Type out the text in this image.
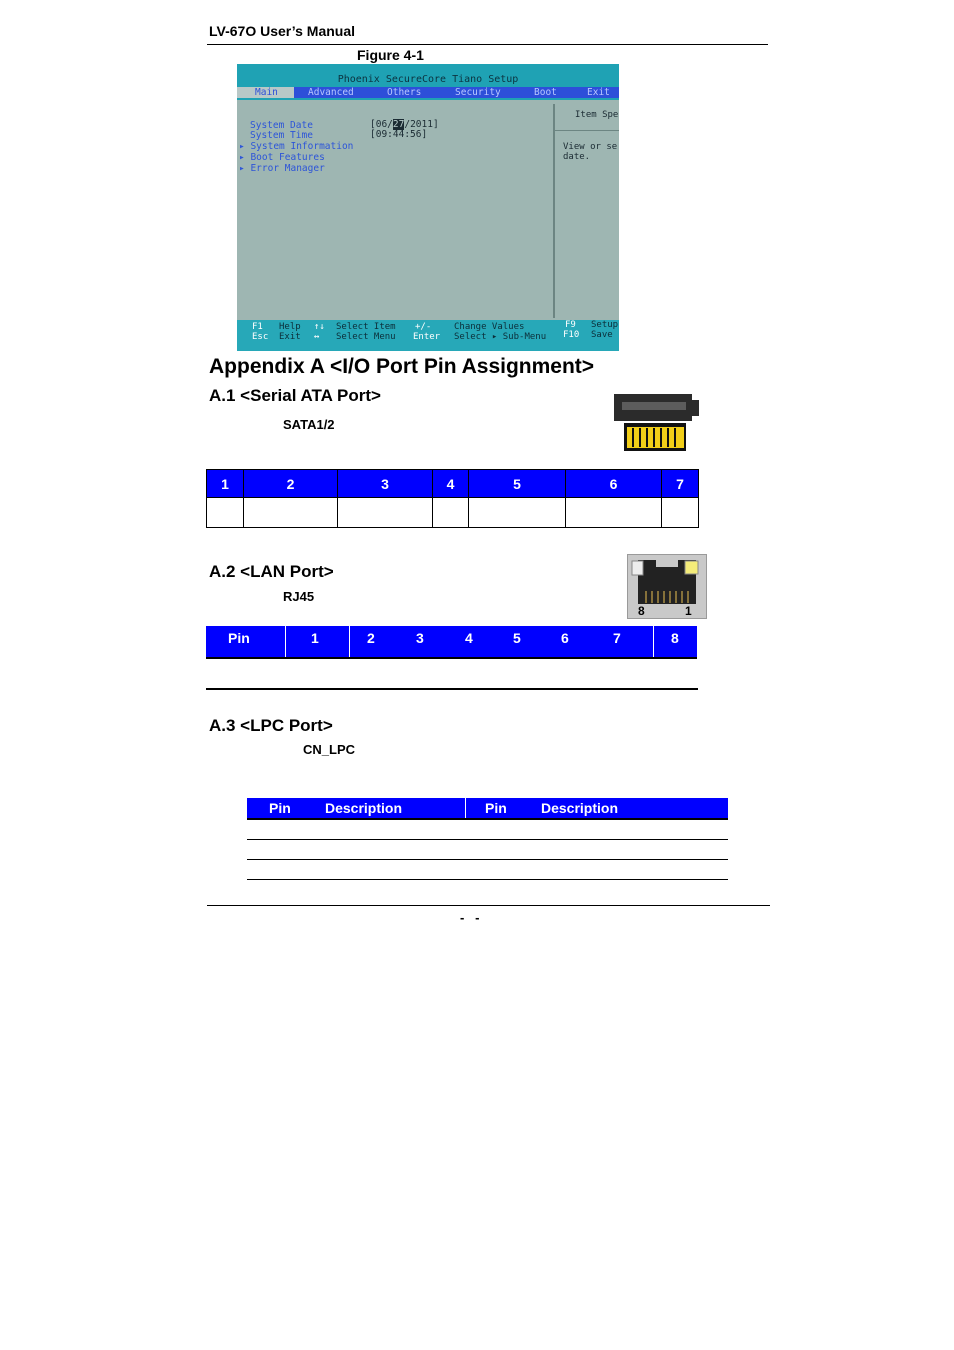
LV-67O User’s Manual
Figure 4-1
Phoenix SecureCore Tiano Setup
Main	Advanced	Others	Security	Boot	Exit
System Date
System Time
▸ System Information
▸ Boot Features
▸ Error Manager
[06/27/2011]
[09:44:56]
Item Spe
View or se
date.
F1 Help ↑↓ Select Item +/-	Change Values	F9 Setup
Esc Exit ↔ Select Menu Enter Select ▸ Sub-Menu F10 Save
Appendix A <I/O Port Pin Assignment>
A.1 <Serial ATA Port>
SATA1/2
1	2	3	4	5	6	7

A.2 <LAN Port>
RJ45
8	1
Pin	1	2	3	4	5	6	7	8
A.3 <LPC Port>
CN_LPC
Pin Description	Pin Description
-   -
